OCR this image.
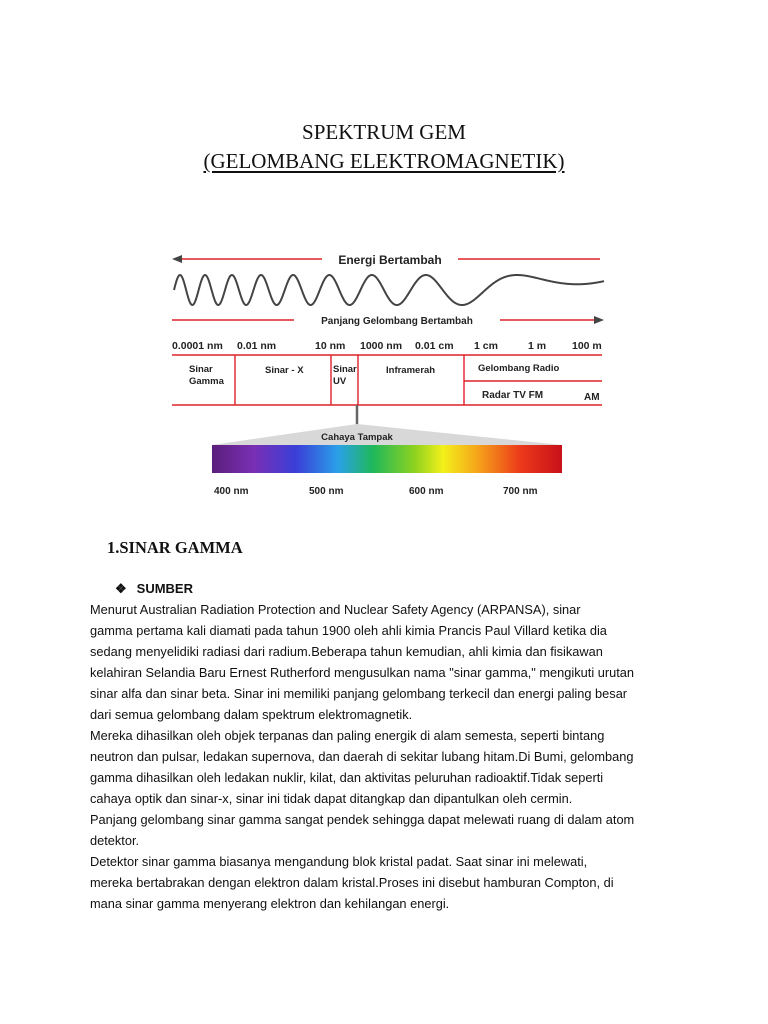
SPEKTRUM GEM
(GELOMBANG ELEKTROMAGNETIK)
Energi Bertambah
Panjang Gelombang Bertambah
0.0001 nm 0.01 nm	10 nm 1000 nm 0.01 cm 1 cm	1 m 100 m
Sinar
Gamma
Sinar - X	Sinar
UV
Inframerah	Gelombang Radio
Radar TV FM	AM
Cahaya Tampak
400 nm	500 nm	600 nm	700 nm
1.SINAR GAMMA
❖ SUMBER

Menurut Australian Radiation Protection and Nuclear Safety Agency (ARPANSA), sinar
gamma pertama kali diamati pada tahun 1900 oleh ahli kimia Prancis Paul Villard ketika dia
sedang menyelidiki radiasi dari radium.Beberapa tahun kemudian, ahli kimia dan fisikawan
kelahiran Selandia Baru Ernest Rutherford mengusulkan nama "sinar gamma," mengikuti urutan
sinar alfa dan sinar beta. Sinar ini memiliki panjang gelombang terkecil dan energi paling besar
dari semua gelombang dalam spektrum elektromagnetik.

Mereka dihasilkan oleh objek terpanas dan paling energik di alam semesta, seperti bintang
neutron dan pulsar, ledakan supernova, dan daerah di sekitar lubang hitam.Di Bumi, gelombang
gamma dihasilkan oleh ledakan nuklir, kilat, dan aktivitas peluruhan radioaktif.Tidak seperti
cahaya optik dan sinar-x, sinar ini tidak dapat ditangkap dan dipantulkan oleh cermin.
Panjang gelombang sinar gamma sangat pendek sehingga dapat melewati ruang di dalam atom
detektor.

Detektor sinar gamma biasanya mengandung blok kristal padat. Saat sinar ini melewati,
mereka bertabrakan dengan elektron dalam kristal.Proses ini disebut hamburan Compton, di
mana sinar gamma menyerang elektron dan kehilangan energi.
